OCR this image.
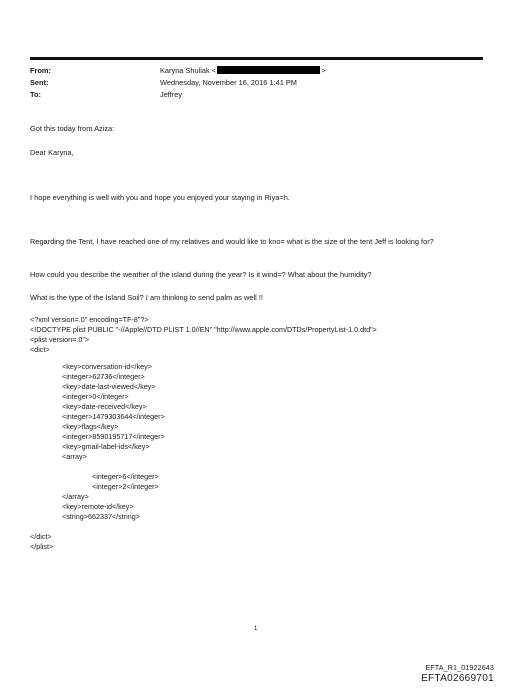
From:	Karyna Shuliak <	>
Sent:	Wednesday, November 16, 2016 1:41 PM
To:	Jeffrey
Got this today from Aziza:
Dear Karyna,
I hope everything is well with you and hope you enjoyed your staying in Riya=h.
Regarding the Tent, I have reached one of my relatives and would like to kno= what is the size of the tent Jeff is looking for?
How could you describe the weather of the island during the year? Is it wind=? What about the humidity?
What is the type of the Island Soil? I am thinking to send palm as well !!
<?xml version=.0" encoding=TF-8"?>
<!DOCTYPE plist PUBLIC "-//Apple//DTD PLIST 1.0//EN" "http://www.apple.com/DTDs/PropertyList-1.0.dtd">
<plist version=.0">
<dict>
<key>conversation-id</key>
<integer>62736</integer>
<key>date-last-viewed</key>
<integer>0</integer>
<key>date-received</key>
<integer>1479303644</integer>
<key>flags</key>
<integer>8590195717</integer>
<key>gmail-label-ids</key>
<array>
<integer>6</integer>
<integer>2</integer>
</array>
<key>remote-id</key>
<string>662337</string>
</dict>
</plist>
1
EFTA_R1_01922643
EFTA02669701
